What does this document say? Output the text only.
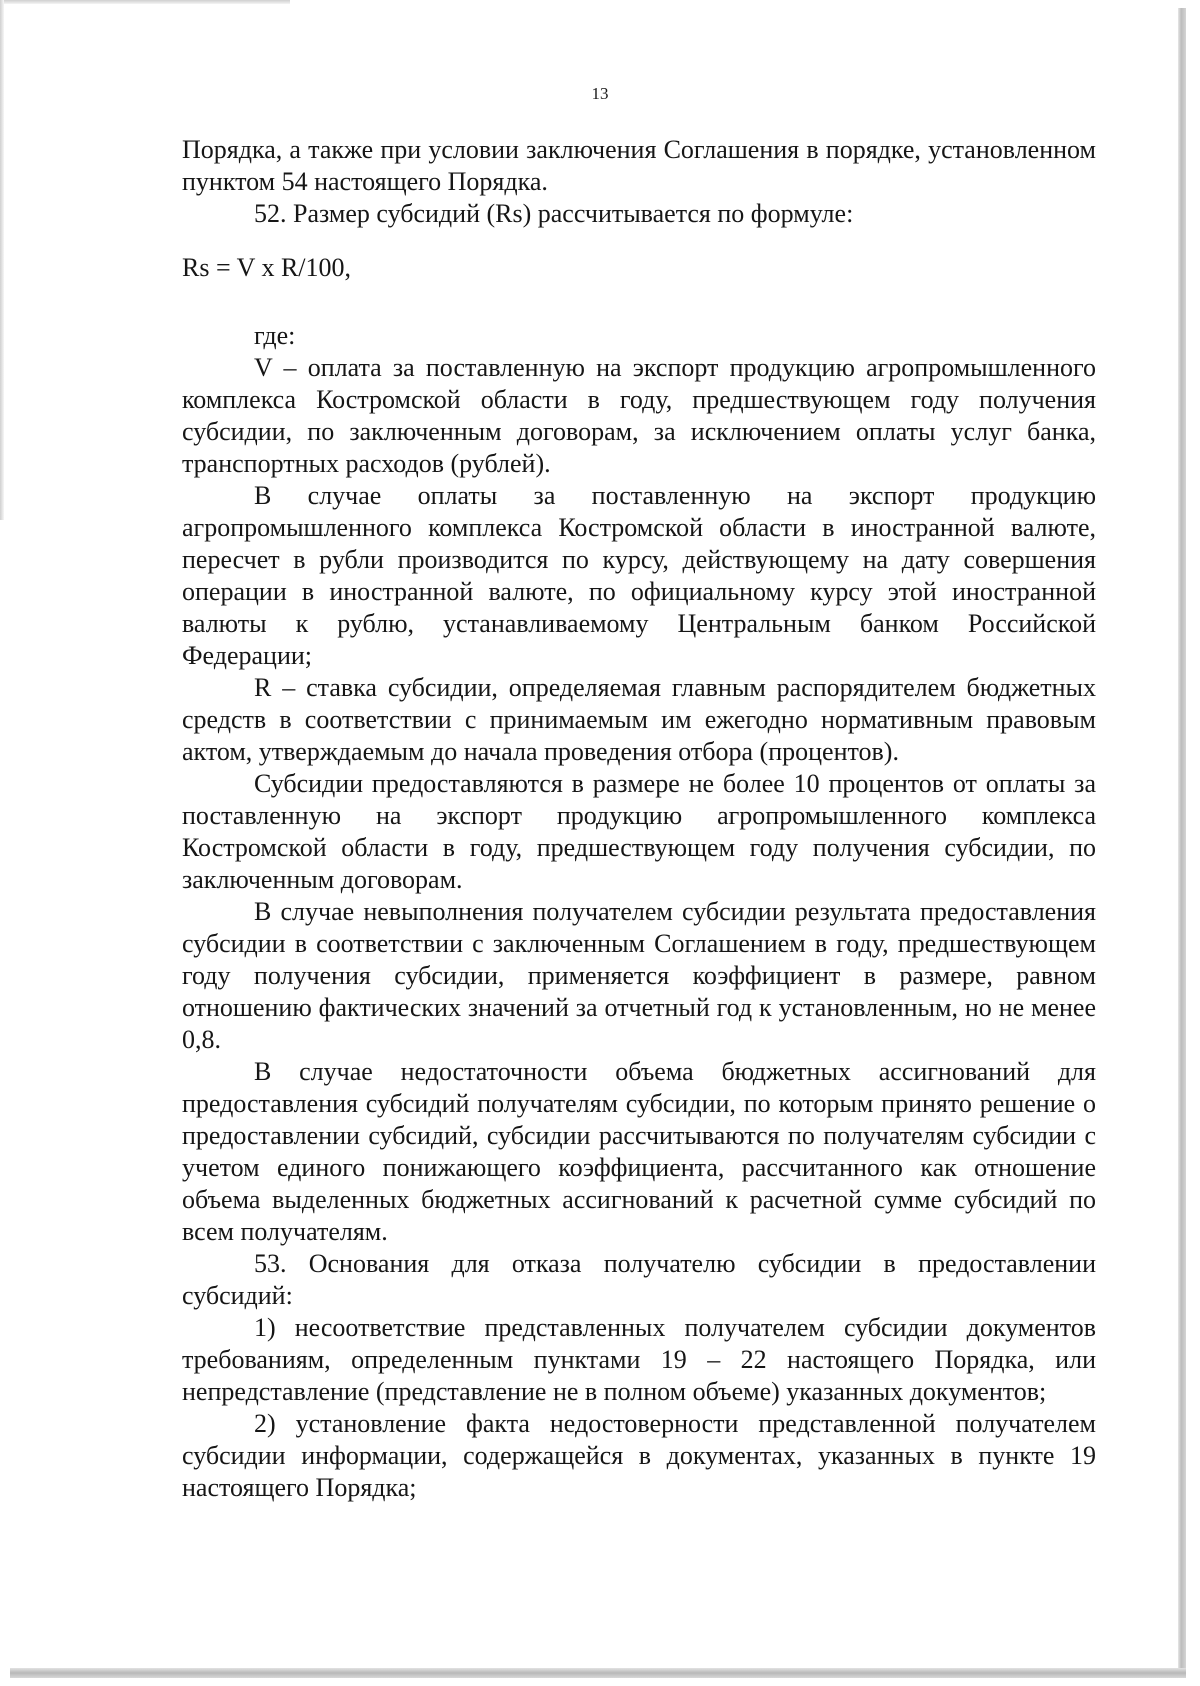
13

Порядка, а также при условии заключения Соглашения в порядке, установленном пунктом 54 настоящего Порядка.

52. Размер субсидий (Rs) рассчитывается по формуле:

Rs = V x R/100,

где:

V – оплата за поставленную на экспорт продукцию агропромышленного комплекса Костромской области в году, предшествующем году получения субсидии, по заключенным договорам, за исключением оплаты услуг банка, транспортных расходов (рублей).

В случае оплаты за поставленную на экспорт продукцию агропромышленного комплекса Костромской области в иностранной валюте, пересчет в рубли производится по курсу, действующему на дату совершения операции в иностранной валюте, по официальному курсу этой иностранной валюты к рублю, устанавливаемому Центральным банком Российской Федерации;

R – ставка субсидии, определяемая главным распорядителем бюджетных средств в соответствии с принимаемым им ежегодно нормативным правовым актом, утверждаемым до начала проведения отбора (процентов).

Субсидии предоставляются в размере не более 10 процентов от оплаты за поставленную на экспорт продукцию агропромышленного комплекса Костромской области в году, предшествующем году получения субсидии, по заключенным договорам.

В случае невыполнения получателем субсидии результата предоставления субсидии в соответствии с заключенным Соглашением в году, предшествующем году получения субсидии, применяется коэффициент в размере, равном отношению фактических значений за отчетный год к установленным, но не менее 0,8.

В случае недостаточности объема бюджетных ассигнований для предоставления субсидий получателям субсидии, по которым принято решение о предоставлении субсидий, субсидии рассчитываются по получателям субсидии с учетом единого понижающего коэффициента, рассчитанного как отношение объема выделенных бюджетных ассигнований к расчетной сумме субсидий по всем получателям.

53. Основания для отказа получателю субсидии в предоставлении субсидий:

1) несоответствие представленных получателем субсидии документов требованиям, определенным пунктами 19 – 22 настоящего Порядка, или непредставление (представление не в полном объеме) указанных документов;

2) установление факта недостоверности представленной получателем субсидии информации, содержащейся в документах, указанных в пункте 19 настоящего Порядка;
